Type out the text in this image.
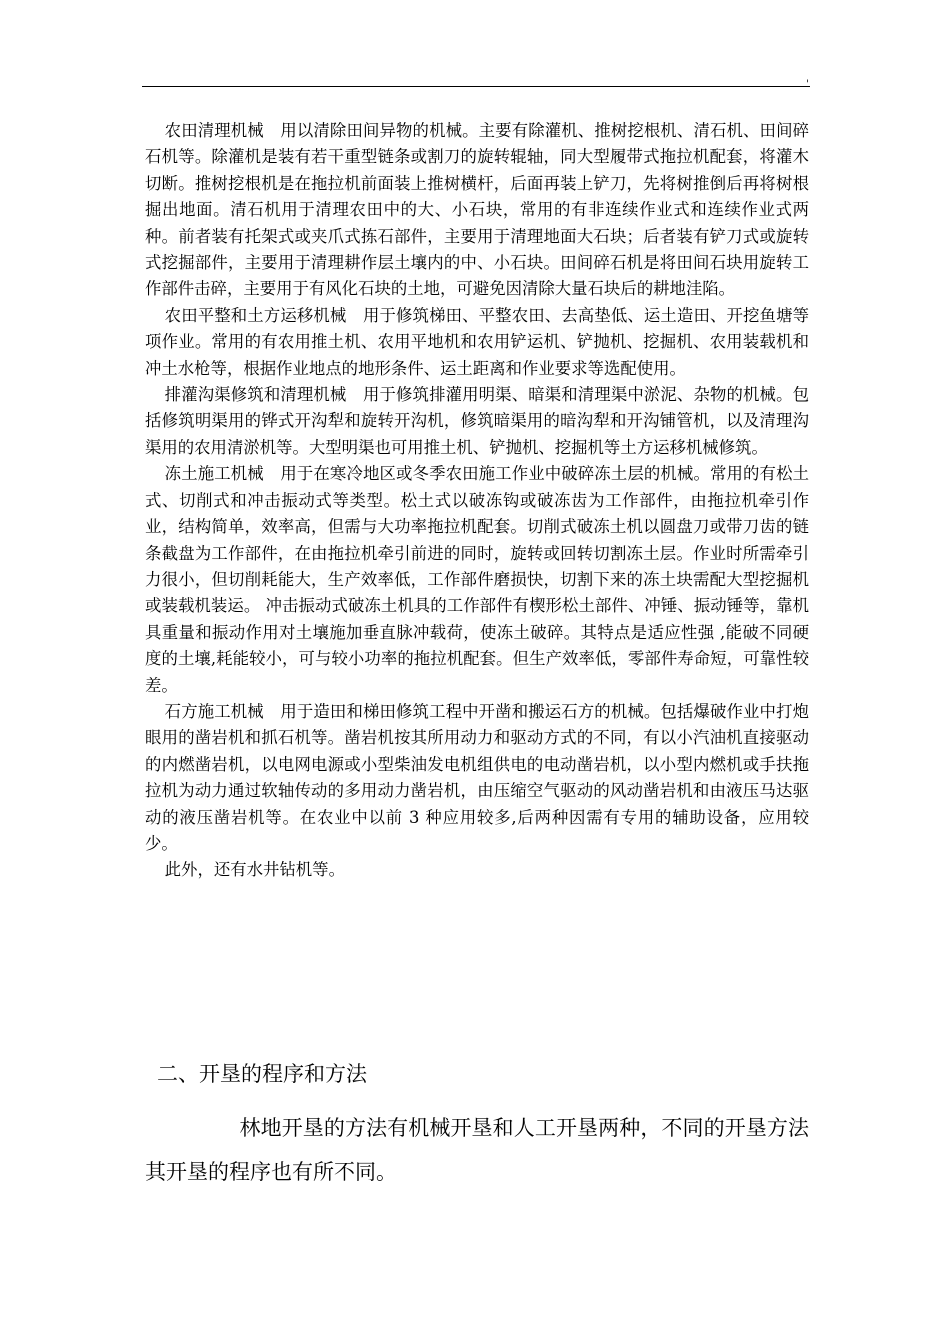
'

农田清理机械　用以清除田间异物的机械。主要有除灌机、推树挖根机、清石机、田间碎石机等。除灌机是装有若干重型链条或割刀的旋转辊轴，同大型履带式拖拉机配套，将灌木切断。推树挖根机是在拖拉机前面装上推树横杆，后面再装上铲刀，先将树推倒后再将树根掘出地面。清石机用于清理农田中的大、小石块，常用的有非连续作业式和连续作业式两种。前者装有托架式或夹爪式拣石部件，主要用于清理地面大石块；后者装有铲刀式或旋转式挖掘部件，主要用于清理耕作层土壤内的中、小石块。田间碎石机是将田间石块用旋转工作部件击碎，主要用于有风化石块的土地，可避免因清除大量石块后的耕地洼陷。

农田平整和土方运移机械　用于修筑梯田、平整农田、去高垫低、运土造田、开挖鱼塘等项作业。常用的有农用推土机、农用平地机和农用铲运机、铲抛机、挖掘机、农用装载机和冲土水枪等，根据作业地点的地形条件、运土距离和作业要求等选配使用。

排灌沟渠修筑和清理机械　用于修筑排灌用明渠、暗渠和清理渠中淤泥、杂物的机械。包括修筑明渠用的铧式开沟犁和旋转开沟机，修筑暗渠用的暗沟犁和开沟铺管机，以及清理沟渠用的农用清淤机等。大型明渠也可用推土机、铲抛机、挖掘机等土方运移机械修筑。

冻土施工机械　用于在寒冷地区或冬季农田施工作业中破碎冻土层的机械。常用的有松土式、切削式和冲击振动式等类型。松土式以破冻钩或破冻齿为工作部件，由拖拉机牵引作业，结构简单，效率高，但需与大功率拖拉机配套。切削式破冻土机以圆盘刀或带刀齿的链条截盘为工作部件，在由拖拉机牵引前进的同时，旋转或回转切割冻土层。作业时所需牵引力很小，但切削耗能大，生产效率低，工作部件磨损快，切割下来的冻土块需配大型挖掘机或装载机装运。 冲击振动式破冻土机具的工作部件有楔形松土部件、冲锤、振动锤等，靠机具重量和振动作用对土壤施加垂直脉冲载荷，使冻土破碎。其特点是适应性强 ,能破不同硬度的土壤,耗能较小，可与较小功率的拖拉机配套。但生产效率低，零部件寿命短，可靠性较差。

石方施工机械　用于造田和梯田修筑工程中开凿和搬运石方的机械。包括爆破作业中打炮眼用的凿岩机和抓石机等。凿岩机按其所用动力和驱动方式的不同，有以小汽油机直接驱动的内燃凿岩机，以电网电源或小型柴油发电机组供电的电动凿岩机，以小型内燃机或手扶拖拉机为动力通过软轴传动的多用动力凿岩机，由压缩空气驱动的风动凿岩机和由液压马达驱动的液压凿岩机等。在农业中以前 3 种应用较多,后两种因需有专用的辅助设备，应用较少。

此外，还有水井钻机等。

二、开垦的程序和方法

林地开垦的方法有机械开垦和人工开垦两种，不同的开垦方法其开垦的程序也有所不同。
